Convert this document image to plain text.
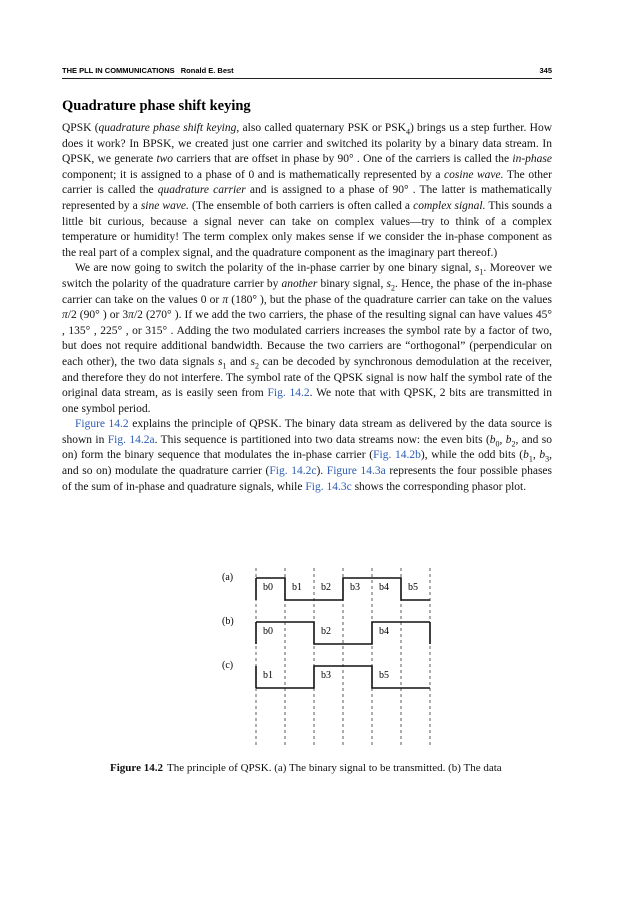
THE PLL IN COMMUNICATIONS Ronald E. Best	345
Quadrature phase shift keying

QPSK (quadrature phase shift keying, also called quaternary PSK or $PSK_4$) brings us a step further. How does it work? In BPSK, we created just one carrier and switched its polarity by a binary data stream. In QPSK, we generate two carriers that are offset in phase by 90° . One of the carriers is called the in-phase component; it is assigned to a phase of 0 and is mathematically represented by a cosine wave. The other carrier is called the quadrature carrier and is assigned to a phase of 90° . The latter is mathematically represented by a sine wave. (The ensemble of both carriers is often called a complex signal. This sounds a little bit curious, because a signal never can take on complex values—try to think of a complex temperature or humidity! The term complex only makes sense if we consider the in-phase component as the real part of a complex signal, and the quadrature component as the imaginary part thereof.)

We are now going to switch the polarity of the in-phase carrier by one binary signal, $s_1$. Moreover we switch the polarity of the quadrature carrier by another binary signal, $s_2$. Hence, the phase of the in-phase carrier can take on the values 0 or π (180° ), but the phase of the quadrature carrier can take on the values π/2 (90° ) or 3π/2 (270° ). If we add the two carriers, the phase of the resulting signal can have values 45° , 135° , 225° , or 315° . Adding the two modulated carriers increases the symbol rate by a factor of two, but does not require additional bandwidth. Because the two carriers are “orthogonal” (perpendicular on each other), the two data signals $s_1$ and $s_2$ can be decoded by synchronous demodulation at the receiver, and therefore they do not interfere. The symbol rate of the QPSK signal is now half the symbol rate of the original data stream, as is easily seen from Fig. 14.2. We note that with QPSK, 2 bits are transmitted in one symbol period.

Figure 14.2 explains the principle of QPSK. The binary data stream as delivered by the data source is shown in Fig. 14.2a. This sequence is partitioned into two data streams now: the even bits ($b_0$, $b_2$, and so on) form the binary sequence that modulates the in-phase carrier (Fig. 14.2b), while the odd bits ($b_1$, $b_3$, and so on) modulate the quadrature carrier (Fig. 14.2c). Figure 14.3a represents the four possible phases of the sum of in-phase and quadrature signals, while Fig. 14.3c shows the corresponding phasor plot.

(a)
b0 b1 b2 b3 b4 b5
(b)
b0	b2	b4
(c)
b1	b3	b5
Figure 14.2 The principle of QPSK. (a) The binary signal to be transmitted. (b) The data
